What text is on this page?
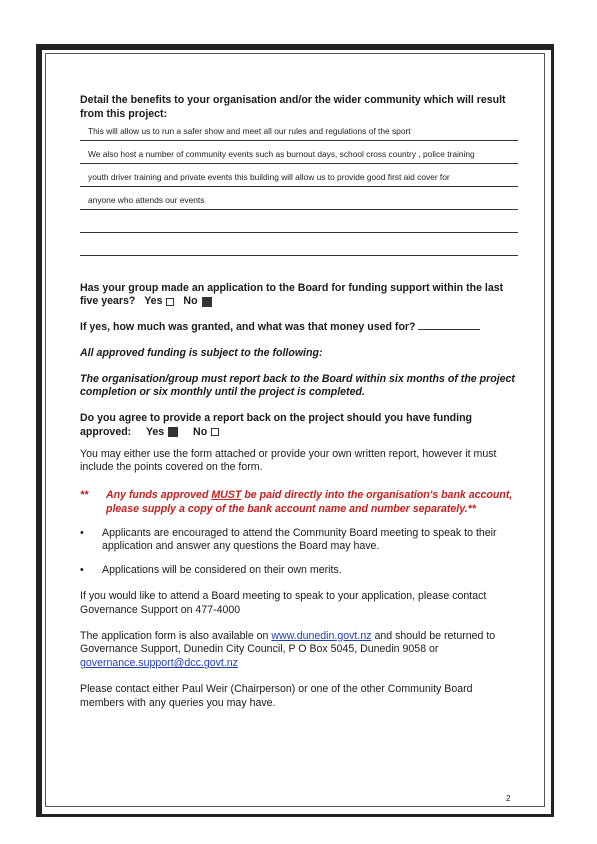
Detail the benefits to your organisation and/or the wider community which will result from this project:
This will allow us to run a safer show and meet all our rules and regulations of the sport
We also host a number of community events such as burnout days, school cross country , police training
youth driver training and private events this building will allow us to provide good first aid cover for
anyone who attends our events
Has your group made an application to the Board for funding support within the last five years? Yes No
If yes, how much was granted, and what was that money used for?
All approved funding is subject to the following:
The organisation/group must report back to the Board within six months of the project completion or six monthly until the project is completed.
Do you agree to provide a report back on the project should you have funding approved: Yes	No
You may either use the form attached or provide your own written report, however it must include the points covered on the form.
**	Any funds approved MUST be paid directly into the organisation's bank account, please supply a copy of the bank account name and number separately.**
•	Applicants are encouraged to attend the Community Board meeting to speak to their application and answer any questions the Board may have.
•	Applications will be considered on their own merits.
If you would like to attend a Board meeting to speak to your application, please contact Governance Support on 477-4000
The application form is also available on www.dunedin.govt.nz and should be returned to Governance Support, Dunedin City Council, P O Box 5045, Dunedin 9058 or governance.support@dcc.govt.nz
Please contact either Paul Weir (Chairperson) or one of the other Community Board members with any queries you may have.
2
